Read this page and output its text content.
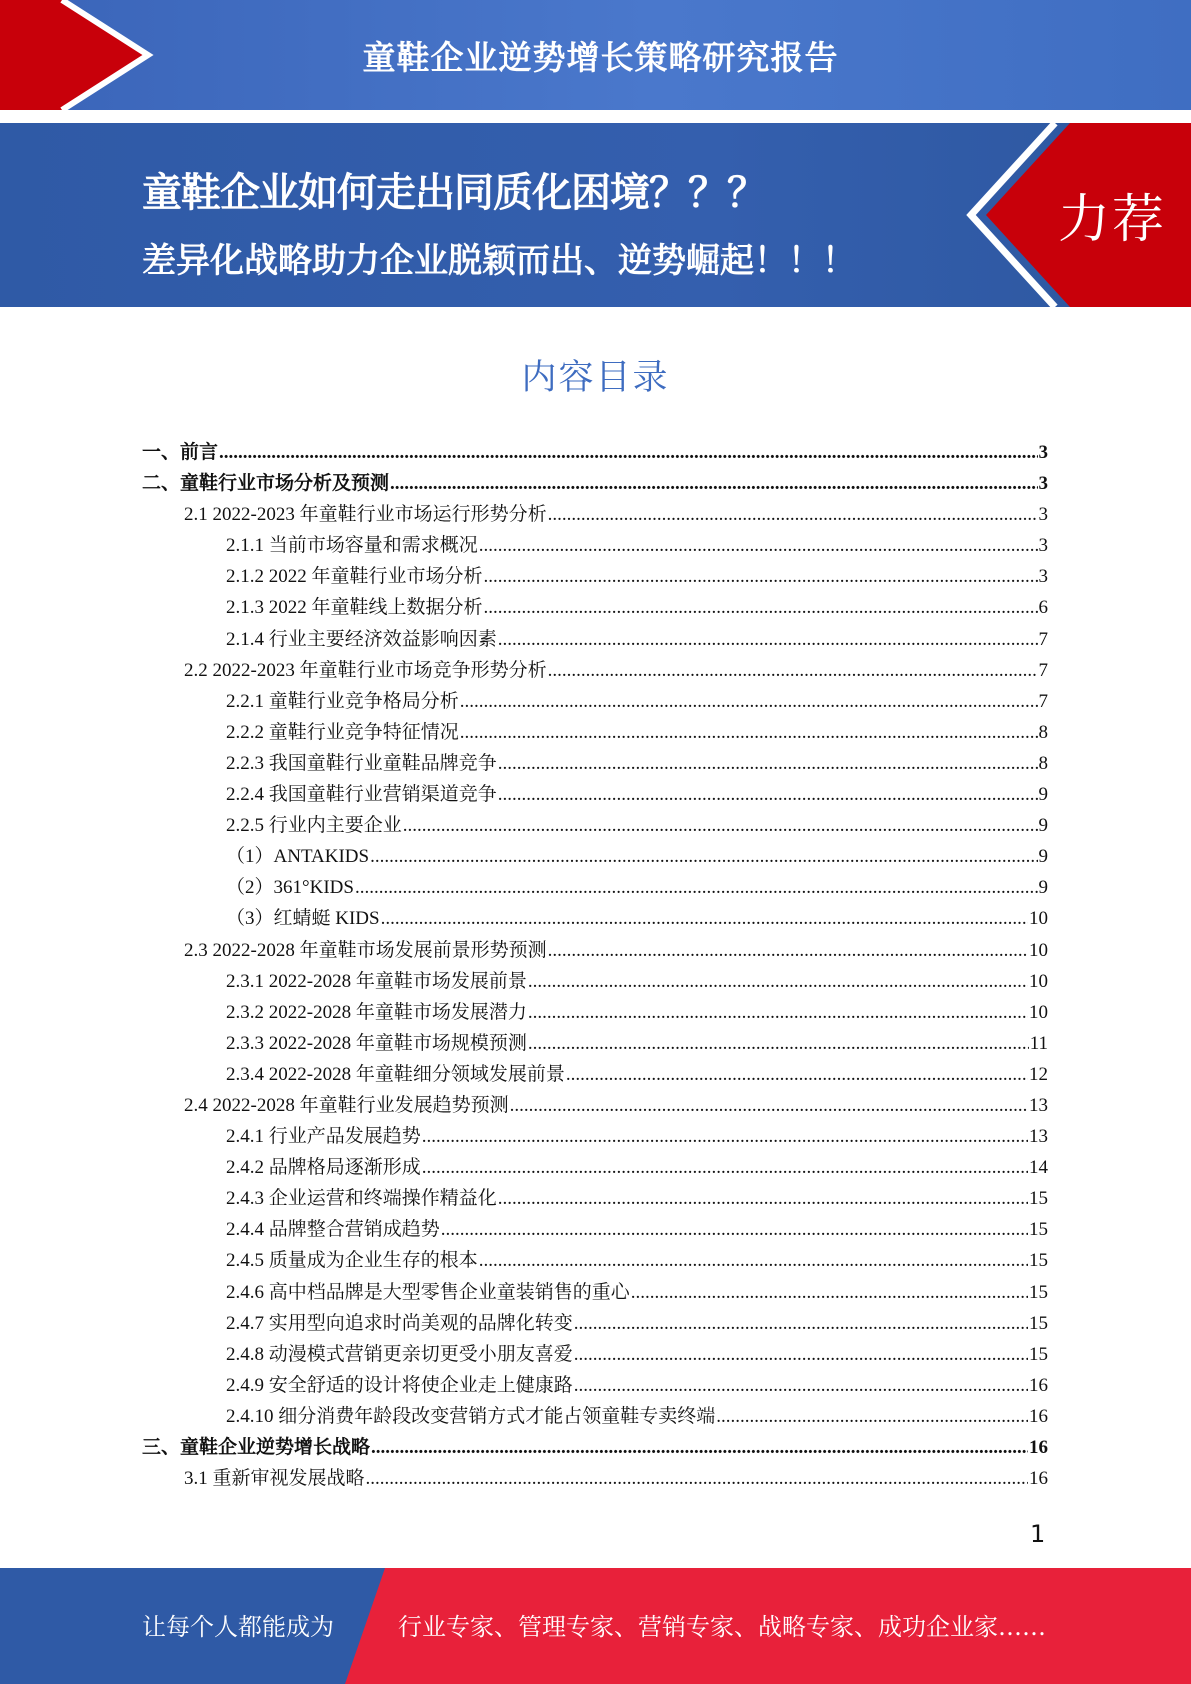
童鞋企业逆势增长策略研究报告
童鞋企业如何走出同质化困境？？？
差异化战略助力企业脱颖而出、逆势崛起！！！
力荐
内容目录
一、前言 .....	3
二、童鞋行业市场分析及预测 .....	3
2.1 2022-2023 年童鞋行业市场运行形势分析 .....	3
2.1.1 当前市场容量和需求概况 .....	3
2.1.2 2022 年童鞋行业市场分析 .....	3
2.1.3 2022 年童鞋线上数据分析 .....	6
2.1.4 行业主要经济效益影响因素 .....	7
2.2 2022-2023 年童鞋行业市场竞争形势分析 .....	7
2.2.1 童鞋行业竞争格局分析 .....	7
2.2.2 童鞋行业竞争特征情况 .....	8
2.2.3 我国童鞋行业童鞋品牌竞争 .....	8
2.2.4 我国童鞋行业营销渠道竞争 .....	9
2.2.5 行业内主要企业 .....	9
（1）ANTAKIDS .....	9
（2）361°KIDS .....	9
（3）红蜻蜓 KIDS .....	10
2.3 2022-2028 年童鞋市场发展前景形势预测 .....	10
2.3.1 2022-2028 年童鞋市场发展前景 .....	10
2.3.2 2022-2028 年童鞋市场发展潜力 .....	10
2.3.3 2022-2028 年童鞋市场规模预测 .....	11
2.3.4 2022-2028 年童鞋细分领域发展前景 .....	12
2.4 2022-2028 年童鞋行业发展趋势预测 .....	13
2.4.1 行业产品发展趋势 .....	13
2.4.2 品牌格局逐渐形成 .....	14
2.4.3 企业运营和终端操作精益化 .....	15
2.4.4 品牌整合营销成趋势 .....	15
2.4.5 质量成为企业生存的根本 .....	15
2.4.6 高中档品牌是大型零售企业童装销售的重心 .....	15
2.4.7 实用型向追求时尚美观的品牌化转变 .....	15
2.4.8 动漫模式营销更亲切更受小朋友喜爱 .....	15
2.4.9 安全舒适的设计将使企业走上健康路 .....	16
2.4.10 细分消费年龄段改变营销方式才能占领童鞋专卖终端 .....	16
三、童鞋企业逆势增长战略 .....	16
3.1 重新审视发展战略 .....	16
1
让每个人都能成为	行业专家、管理专家、营销专家、战略专家、成功企业家……
